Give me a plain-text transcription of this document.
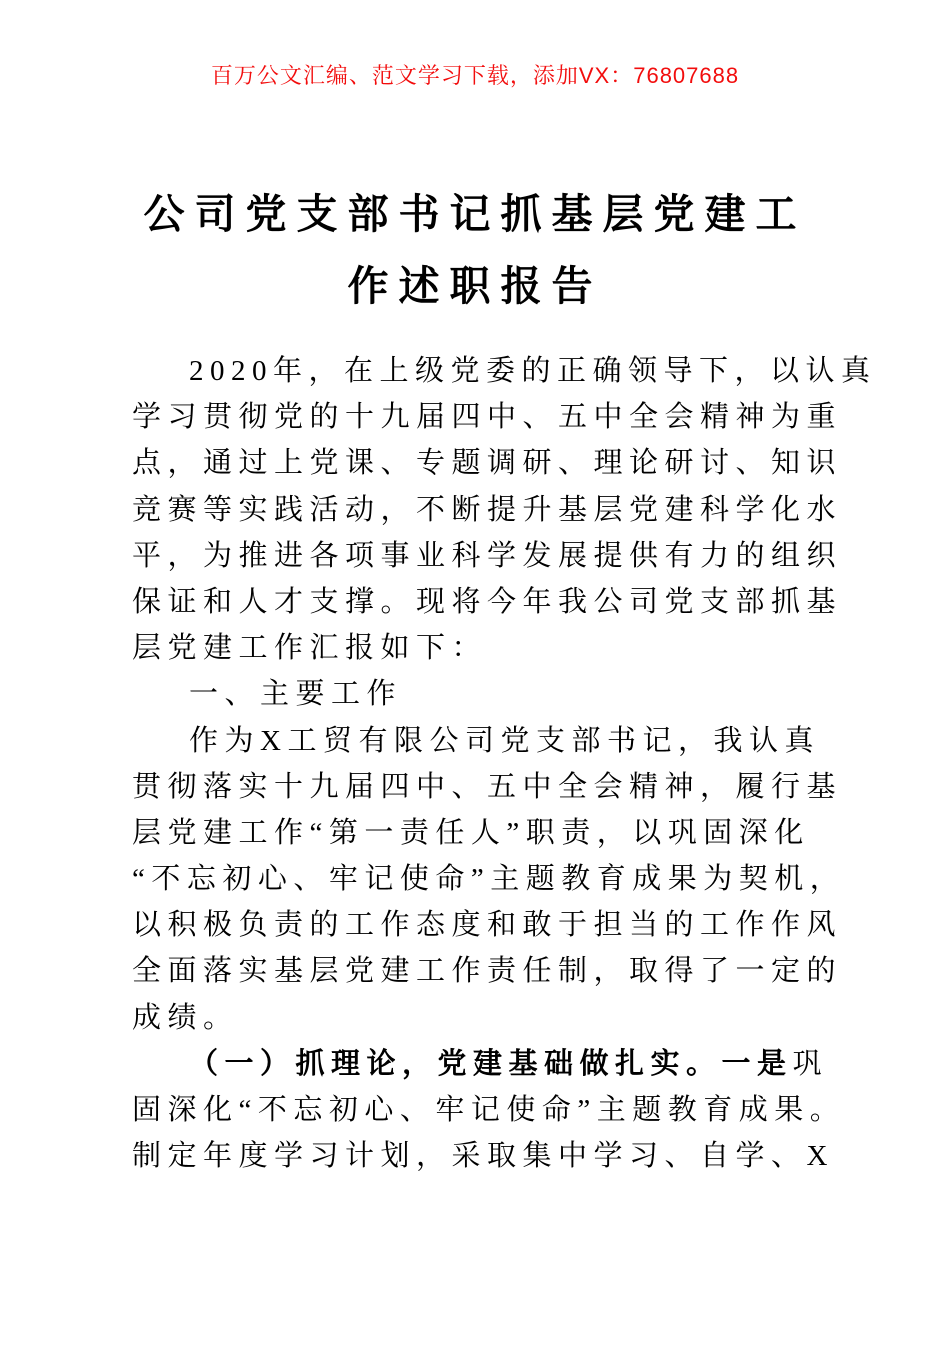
百万公文汇编、范文学习下载，添加VX：76807688
公司党支部书记抓基层党建工
作述职报告
2020年，在上级党委的正确领导下，以认真
学习贯彻党的十九届四中、五中全会精神为重
点，通过上党课、专题调研、理论研讨、知识
竞赛等实践活动，不断提升基层党建科学化水
平，为推进各项事业科学发展提供有力的组织
保证和人才支撑。现将今年我公司党支部抓基
层党建工作汇报如下：
一、主要工作
作为X工贸有限公司党支部书记，我认真
贯彻落实十九届四中、五中全会精神，履行基
层党建工作“第一责任人”职责，以巩固深化
“不忘初心、牢记使命”主题教育成果为契机，
以积极负责的工作态度和敢于担当的工作作风
全面落实基层党建工作责任制，取得了一定的
成绩。
（一）抓理论，党建基础做扎实。一是巩
固深化“不忘初心、牢记使命”主题教育成果。
制定年度学习计划，采取集中学习、自学、X
